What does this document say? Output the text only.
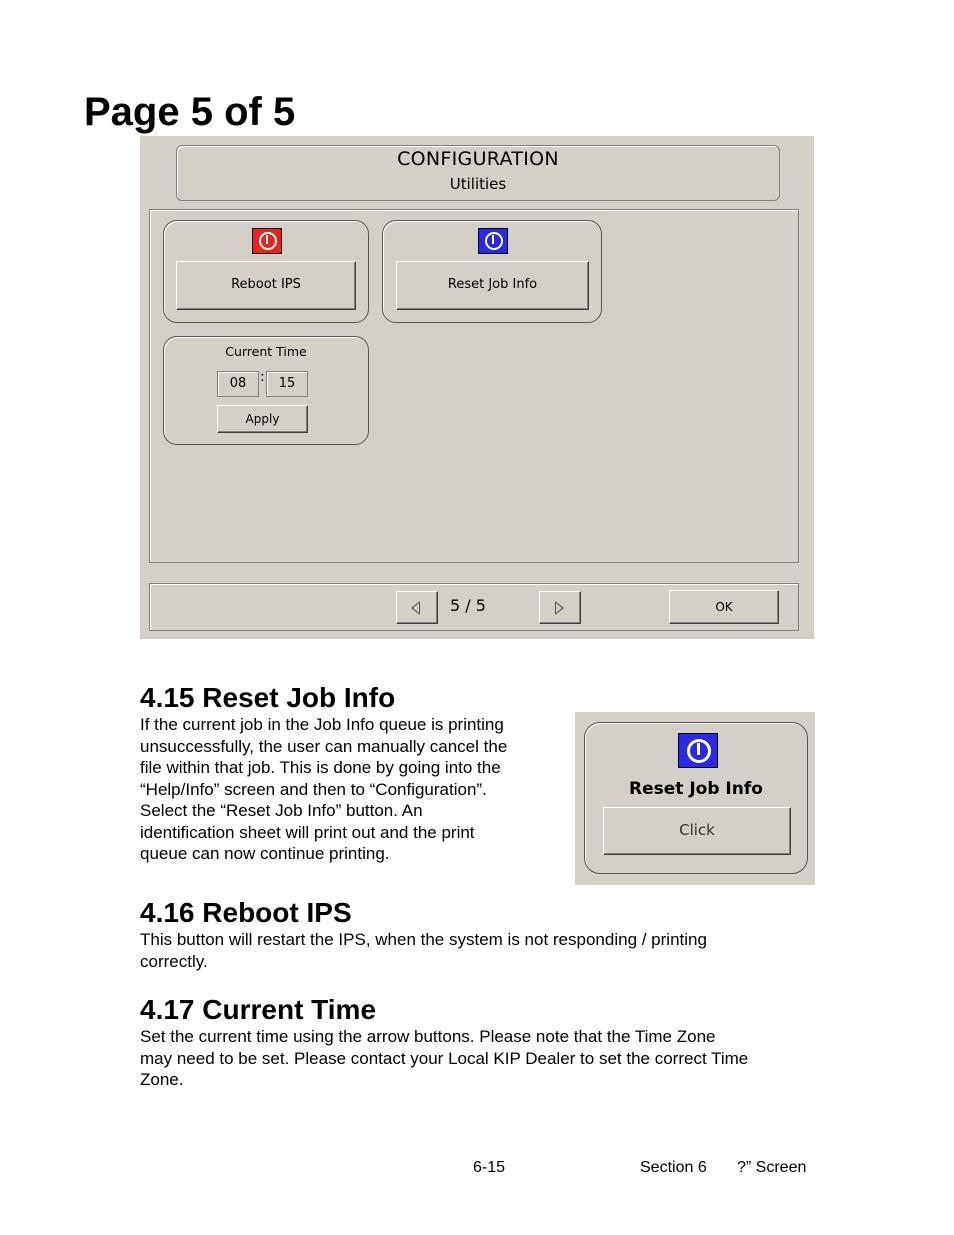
Page 5 of 5
CONFIGURATION
Utilities
Reboot IPS	Reset Job Info
Current Time
08 :	15
Apply
5 / 5	OK
4.15 Reset Job Info

If the current job in the Job Info queue is printing
unsuccessfully, the user can manually cancel the
file within that job. This is done by going into the
“Help/Info” screen and then to “Configuration”.
Select the “Reset Job Info” button. An
identification sheet will print out and the print
queue can now continue printing.

Reset Job Info
Click
4.16 Reboot IPS

This button will restart the IPS, when the system is not responding / printing
correctly.

4.17 Current Time

Set the current time using the arrow buttons. Please note that the Time Zone
may need to be set. Please contact your Local KIP Dealer to set the correct Time
Zone.

6-15	Section 6 ?” Screen
